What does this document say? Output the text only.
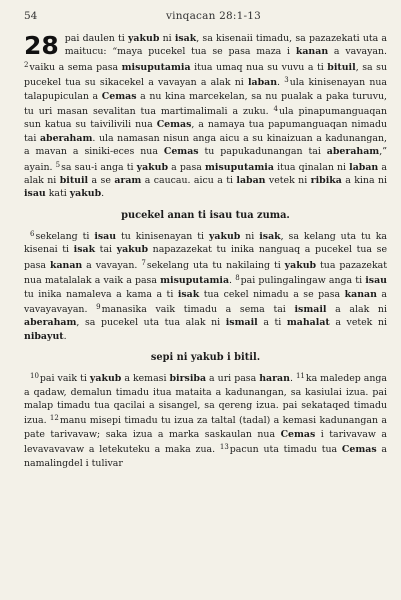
54	vinqacan 28:1-13
28 pai daulen ti yakub ni isak, sa kisenaii timadu, sa pazazekati uta a maitucu: “maya pucekel tua se pasa maza i kanan a vavayan. $^2$vaiku a sema pasa misuputamia itua umaq nua su vuvu a ti bituil, sa su pucekel tua su sikacekel a vavayan a alak ni laban. $^3$ula kinisenayan nua talapupiculan a Cemas a nu kina marcekelan, sa nu pualak a paka turuvu, tu uri masan sevalitan tua martimalimali a zuku. $^4$ula pinapumanguaqan sun katua su taivilivili nua Cemas, a namaya tua papumanguaqan nimadu tai aberaham. ula namasan nisun anga aicu a su kinaizuan a kadunangan, a mavan a siniki-eces nua Cemas tu papukadunangan tai aberaham,” ayain. $^5$sa sau-i anga ti yakub a pasa misuputamia itua qinalan ni laban a alak ni bituil a se aram a caucau. aicu a ti laban vetek ni ribika a kina ni isau kati yakub.

pucekel anan ti isau tua zuma.

$^6$sekelang ti isau tu kinisenayan ti yakub ni isak, sa kelang uta tu ka kisenai ti isak tai yakub napazazekat tu inika nanguaq a pucekel tua se pasa kanan a vavayan. $^7$sekelang uta tu nakilaing ti yakub tua pazazekat nua matalalak a vaik a pasa misuputamia. $^8$pai pulingalingaw anga ti isau tu inika namaleva a kama a ti isak tua cekel nimadu a se pasa kanan a vavayavayan. $^9$manasika vaik timadu a sema tai ismail a alak ni aberaham, sa pucekel uta tua alak ni ismail a ti mahalat a vetek ni nibayut.

sepi ni yakub i bitil.

$^{10}$pai vaik ti yakub a kemasi birsiba a uri pasa haran. $^{11}$ka maledep anga a qadaw, demalun timadu itua mataita a kadunangan, sa kasiulai izua. pai malap timadu tua qacilai a sisangel, sa qereng izua. pai sekataqed timadu izua. $^{12}$manu misepi timadu tu izua za taltal (tadal) a kemasi kadunangan a pate tarivavaw; saka izua a marka saskaulan nua Cemas i tarivavaw a levavavavaw a letekuteku a maka zua. $^{13}$pacun uta timadu tua Cemas a namalingdel i tulivar
